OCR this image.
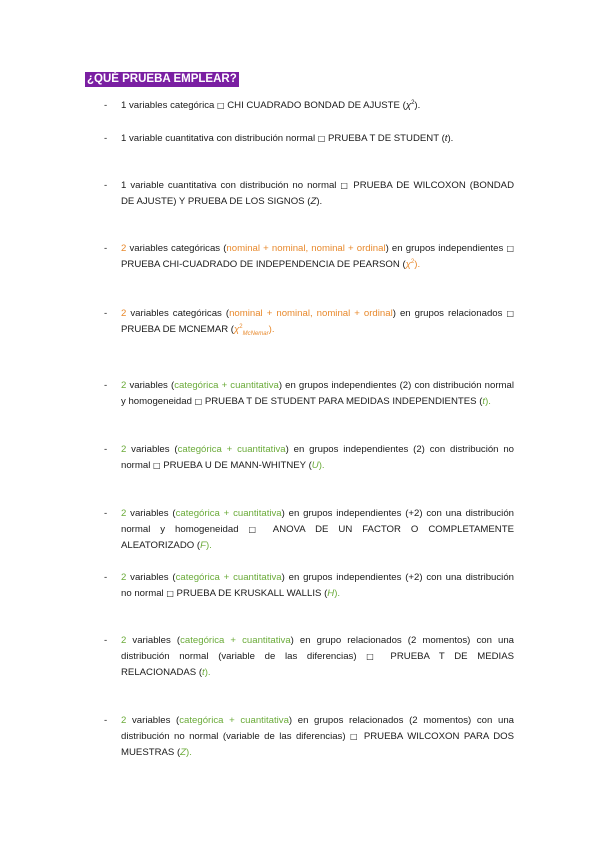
¿QUÉ PRUEBA EMPLEAR?
- 1 variables categórica □ CHI CUADRADO BONDAD DE AJUSTE $(\chi^2)$.
- 1 variable cuantitativa con distribución normal □ PRUEBA T DE STUDENT (t).
- 1 variable cuantitativa con distribución no normal □ PRUEBA DE WILCOXON (BONDAD DE AJUSTE) Y PRUEBA DE LOS SIGNOS (Z).
- 2 variables categóricas (nominal + nominal, nominal + ordinal) en grupos independientes □ PRUEBA CHI-CUADRADO DE INDEPENDENCIA DE PEARSON $(\chi^2)$.
- 2 variables categóricas (nominal + nominal, nominal + ordinal) en grupos relacionados □ PRUEBA DE MCNEMAR $(\chi^2_{McNemar})$.
- 2 variables (categórica + cuantitativa) en grupos independientes (2) con distribución normal y homogeneidad □ PRUEBA T DE STUDENT PARA MEDIDAS INDEPENDIENTES (t).
- 2 variables (categórica + cuantitativa) en grupos independientes (2) con distribución no normal □ PRUEBA U DE MANN-WHITNEY (U).
- 2 variables (categórica + cuantitativa) en grupos independientes (+2) con una distribución normal y homogeneidad □ ANOVA DE UN FACTOR O COMPLETAMENTE ALEATORIZADO (F).
- 2 variables (categórica + cuantitativa) en grupos independientes (+2) con una distribución no normal □ PRUEBA DE KRUSKALL WALLIS (H).
- 2 variables (categórica + cuantitativa) en grupo relacionados (2 momentos) con una distribución normal (variable de las diferencias) □ PRUEBA T DE MEDIAS RELACIONADAS (t).
- 2 variables (categórica + cuantitativa) en grupos relacionados (2 momentos) con una distribución no normal (variable de las diferencias) □ PRUEBA WILCOXON PARA DOS MUESTRAS (Z).
